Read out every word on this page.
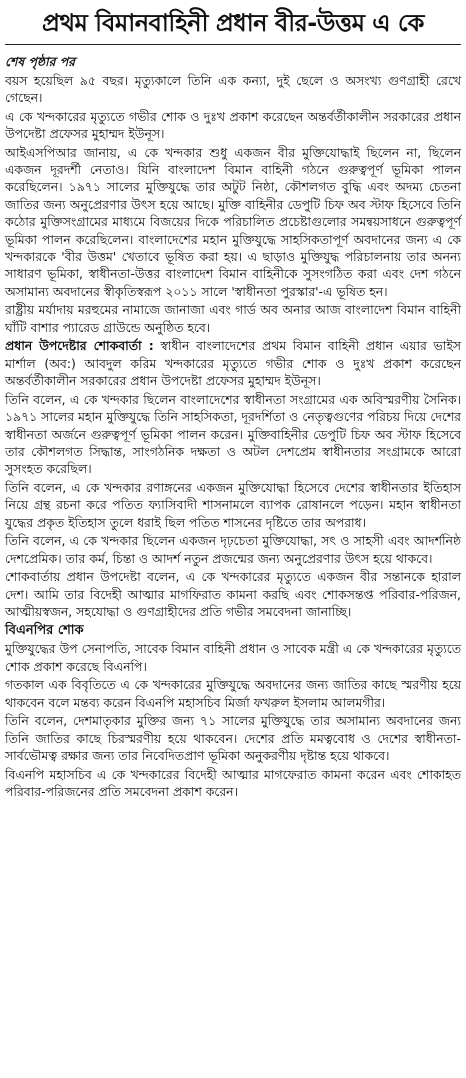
প্রথম বিমানবাহিনী প্রধান বীর-উত্তম এ কে
শেষ পৃষ্ঠার পর
বয়স হয়েছিল ৯৫ বছর। মৃত্যুকালে তিনি এক কন্যা, দুই ছেলে ও অসংখ্য গুণগ্রাহী রেখে গেছেন।
এ কে খন্দকারের মৃত্যুতে গভীর শোক ও দুঃখ প্রকাশ করেছেন অন্তর্বর্তীকালীন সরকারের প্রধান উপদেষ্টা প্রফেসর মুহাম্মদ ইউনূস।
আইএসপিআর জানায়, এ কে খন্দকার শুধু একজন বীর মুক্তিযোদ্ধাই ছিলেন না, ছিলেন একজন দূরদর্শী নেতাও। যিনি বাংলাদেশ বিমান বাহিনী গঠনে গুরুত্বপূর্ণ ভূমিকা পালন করেছিলেন। ১৯৭১ সালের মুক্তিযুদ্ধে তার অটুট নিষ্ঠা, কৌশলগত বুদ্ধি এবং অদম্য চেতনা জাতির জন্য অনুপ্রেরণার উৎস হয়ে আছে। মুক্তি বাহিনীর ডেপুটি চিফ অব স্টাফ হিসেবে তিনি কঠোর মুক্তিসংগ্রামের মাধ্যমে বিজয়ের দিকে পরিচালিত প্রচেষ্টাগুলোর সমন্বয়সাধনে গুরুত্বপূর্ণ ভূমিকা পালন করেছিলেন। বাংলাদেশের মহান মুক্তিযুদ্ধে সাহসিকতাপূর্ণ অবদানের জন্য এ কে খন্দকারকে 'বীর উত্তম' খেতাবে ভূষিত করা হয়। এ ছাড়াও মুক্তিযুদ্ধ পরিচালনায় তার অনন্য সাধারণ ভূমিকা, স্বাধীনতা-উত্তর বাংলাদেশ বিমান বাহিনীকে সুসংগঠিত করা এবং দেশ গঠনে অসামান্য অবদানের স্বীকৃতিস্বরূপ ২০১১ সালে 'স্বাধীনতা পুরস্কার'-এ ভূষিত হন।
রাষ্ট্রীয় মর্যাদায় মরহুমের নামাজে জানাজা এবং গার্ড অব অনার আজ বাংলাদেশ বিমান বাহিনী ঘাঁটি বাশার প্যারেড গ্রাউন্ডে অনুষ্ঠিত হবে।
প্রধান উপদেষ্টার শোকবার্তা : স্বাধীন বাংলাদেশের প্রথম বিমান বাহিনী প্রধান এয়ার ভাইস মার্শাল (অব:) আবদুল করিম খন্দকারের মৃত্যুতে গভীর শোক ও দুঃখ প্রকাশ করেছেন অন্তর্বর্তীকালীন সরকারের প্রধান উপদেষ্টা প্রফেসর মুহাম্মদ ইউনূস।
তিনি বলেন, এ কে খন্দকার ছিলেন বাংলাদেশের স্বাধীনতা সংগ্রামের এক অবিস্মরণীয় সৈনিক। ১৯৭১ সালের মহান মুক্তিযুদ্ধে তিনি সাহসিকতা, দূরদর্শিতা ও নেতৃত্বগুণের পরিচয় দিয়ে দেশের স্বাধীনতা অর্জনে গুরুত্বপূর্ণ ভূমিকা পালন করেন। মুক্তিবাহিনীর ডেপুটি চিফ অব স্টাফ হিসেবে তার কৌশলগত সিদ্ধান্ত, সাংগঠনিক দক্ষতা ও অটল দেশপ্রেম স্বাধীনতার সংগ্রামকে আরো সুসংহত করেছিল।
তিনি বলেন, এ কে খন্দকার রণাঙ্গনের একজন মুক্তিযোদ্ধা হিসেবে দেশের স্বাধীনতার ইতিহাস নিয়ে গ্রন্থ রচনা করে পতিত ফ্যাসিবাদী শাসনামলে ব্যাপক রোষানলে পড়েন। মহান স্বাধীনতা যুদ্ধের প্রকৃত ইতিহাস তুলে ধরাই ছিল পতিত শাসনের দৃষ্টিতে তার অপরাধ।
তিনি বলেন, এ কে খন্দকার ছিলেন একজন দৃঢ়চেতা মুক্তিযোদ্ধা, সৎ ও সাহসী এবং আদর্শনিষ্ঠ দেশপ্রেমিক। তার কর্ম, চিন্তা ও আদর্শ নতুন প্রজন্মের জন্য অনুপ্রেরণার উৎস হয়ে থাকবে।
শোকবার্তায় প্রধান উপদেষ্টা বলেন, এ কে খন্দকারের মৃত্যুতে একজন বীর সন্তানকে হারাল দেশ। আমি তার বিদেহী আত্মার মাগফিরাত কামনা করছি এবং শোকসন্তপ্ত পরিবার-পরিজন, আত্মীয়স্বজন, সহযোদ্ধা ও গুণগ্রাহীদের প্রতি গভীর সমবেদনা জানাচ্ছি।
বিএনপির শোক
মুক্তিযুদ্ধের উপ সেনাপতি, সাবেক বিমান বাহিনী প্রধান ও সাবেক মন্ত্রী এ কে খন্দকারের মৃত্যুতে শোক প্রকাশ করেছে বিএনপি।
গতকাল এক বিবৃতিতে এ কে খন্দকারের মুক্তিযুদ্ধে অবদানের জন্য জাতির কাছে স্মরণীয় হয়ে থাকবেন বলে মন্তব্য করেন বিএনপি মহাসচিব মির্জা ফখরুল ইসলাম আলমগীর।
তিনি বলেন, দেশমাতৃকার মুক্তির জন্য ৭১ সালের মুক্তিযুদ্ধে তার অসামান্য অবদানের জন্য তিনি জাতির কাছে চিরস্মরণীয় হয়ে থাকবেন। দেশের প্রতি মমত্ববোধ ও দেশের স্বাধীনতা-সার্বভৌমত্ব রক্ষার জন্য তার নিবেদিতপ্রাণ ভূমিকা অনুকরণীয় দৃষ্টান্ত হয়ে থাকবে।
বিএনপি মহাসচিব এ কে খন্দকারের বিদেহী আত্মার মাগফেরাত কামনা করেন এবং শোকাহত পরিবার-পরিজনের প্রতি সমবেদনা প্রকাশ করেন।
